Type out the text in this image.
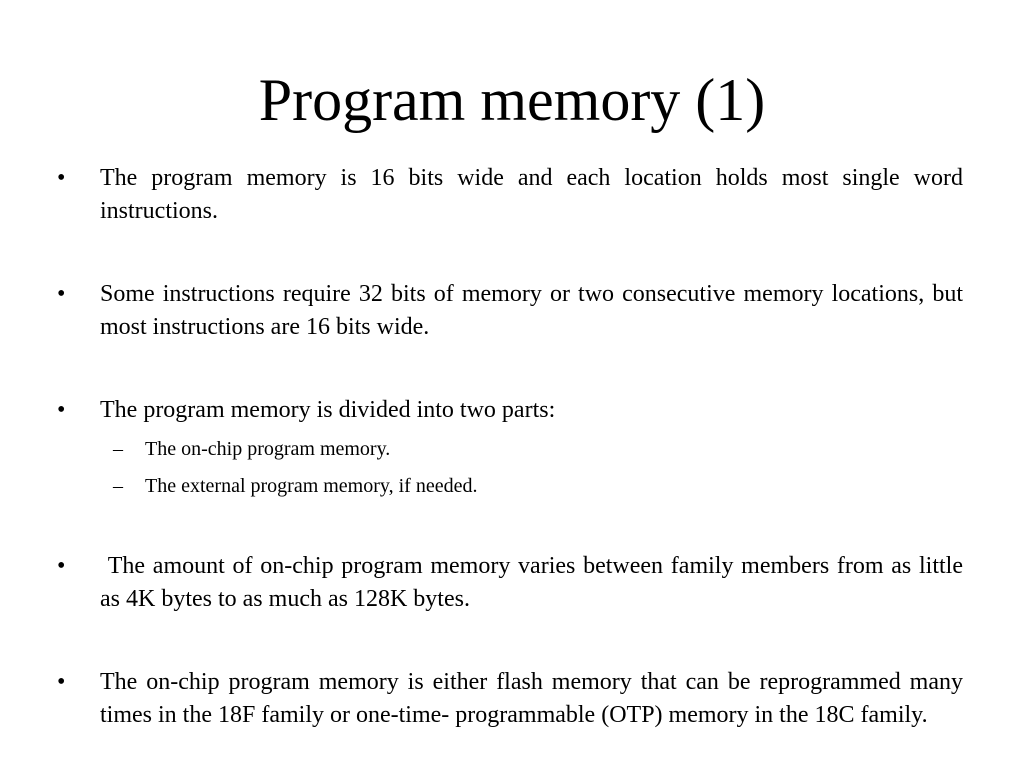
Program memory (1)
•	The program memory is 16 bits wide and each location holds most single word instructions.
•	Some instructions require 32 bits of memory or two consecutive memory locations, but most instructions are 16 bits wide.
•	The program memory is divided into two parts:
–	The on-chip program memory.
–	The external program memory, if needed.
•	The amount of on-chip program memory varies between family members from as little as 4K bytes to as much as 128K bytes.
•	The on-chip program memory is either flash memory that can be reprogrammed many times in the 18F family or one-time- programmable (OTP) memory in the 18C family.
